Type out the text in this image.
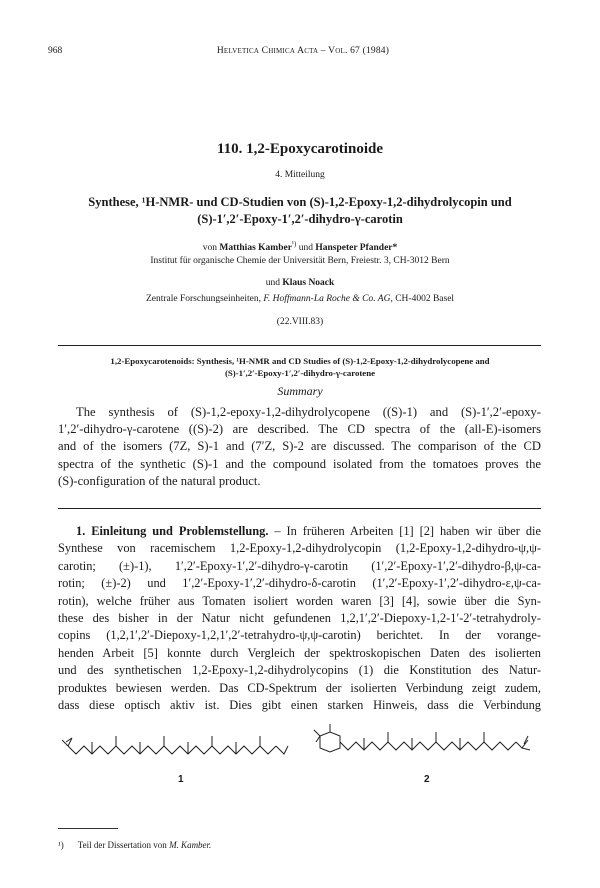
968	Helvetica Chimica Acta – Vol. 67 (1984)
110. 1,2-Epoxycarotinoide
4. Mitteilung
Synthese, ¹H-NMR- und CD-Studien von (S)-1,2-Epoxy-1,2-dihydrolycopin und
(S)-1′,2′-Epoxy-1′,2′-dihydro-γ-carotin
von Matthias Kamber$^{^1)}$ und Hanspeter Pfander*
Institut für organische Chemie der Universität Bern, Freiestr. 3, CH-3012 Bern
und Klaus Noack
Zentrale Forschungseinheiten, F. Hoffmann-La Roche & Co. AG, CH-4002 Basel
(22.VIII.83)
1,2-Epoxycarotenoids: Synthesis, ¹H-NMR and CD Studies of (S)-1,2-Epoxy-1,2-dihydrolycopene and
(S)-1′,2′-Epoxy-1′,2′-dihydro-γ-carotene
Summary
The synthesis of (S)-1,2-epoxy-1,2-dihydrolycopene ((S)-1) and (S)-1′,2′-epoxy-
1′,2′-dihydro-γ-carotene ((S)-2) are described. The CD spectra of the (all-E)-isomers
and of the isomers (7Z, S)-1 and (7′Z, S)-2 are discussed. The comparison of the CD
spectra of the synthetic (S)-1 and the compound isolated from the tomatoes proves the
(S)-configuration of the natural product.
1. Einleitung und Problemstellung. – In früheren Arbeiten [1] [2] haben wir über die
Synthese von racemischem 1,2-Epoxy-1,2-dihydrolycopin (1,2-Epoxy-1,2-dihydro-ψ,ψ-
carotin; (±)-1), 1′,2′-Epoxy-1′,2′-dihydro-γ-carotin (1′,2′-Epoxy-1′,2′-dihydro-β,ψ-ca-
rotin; (±)-2) und 1′,2′-Epoxy-1′,2′-dihydro-δ-carotin (1′,2′-Epoxy-1′,2′-dihydro-ε,ψ-ca-
rotin), welche früher aus Tomaten isoliert worden waren [3] [4], sowie über die Syn-
these des bisher in der Natur nicht gefundenen 1,2,1′,2′-Diepoxy-1,2-1′-2′-tetrahydroly-
copins (1,2,1′,2′-Diepoxy-1,2,1′,2′-tetrahydro-ψ,ψ-carotin) berichtet. In der vorange-
henden Arbeit [5] konnte durch Vergleich der spektroskopischen Daten des isolierten
und des synthetischen 1,2-Epoxy-1,2-dihydrolycopins (1) die Konstitution des Natur-
produktes bewiesen werden. Das CD-Spektrum der isolierten Verbindung zeigt zudem,
dass diese optisch aktiv ist. Dies gibt einen starken Hinweis, dass die Verbindung
1	2
¹) Teil der Dissertation von M. Kamber.
